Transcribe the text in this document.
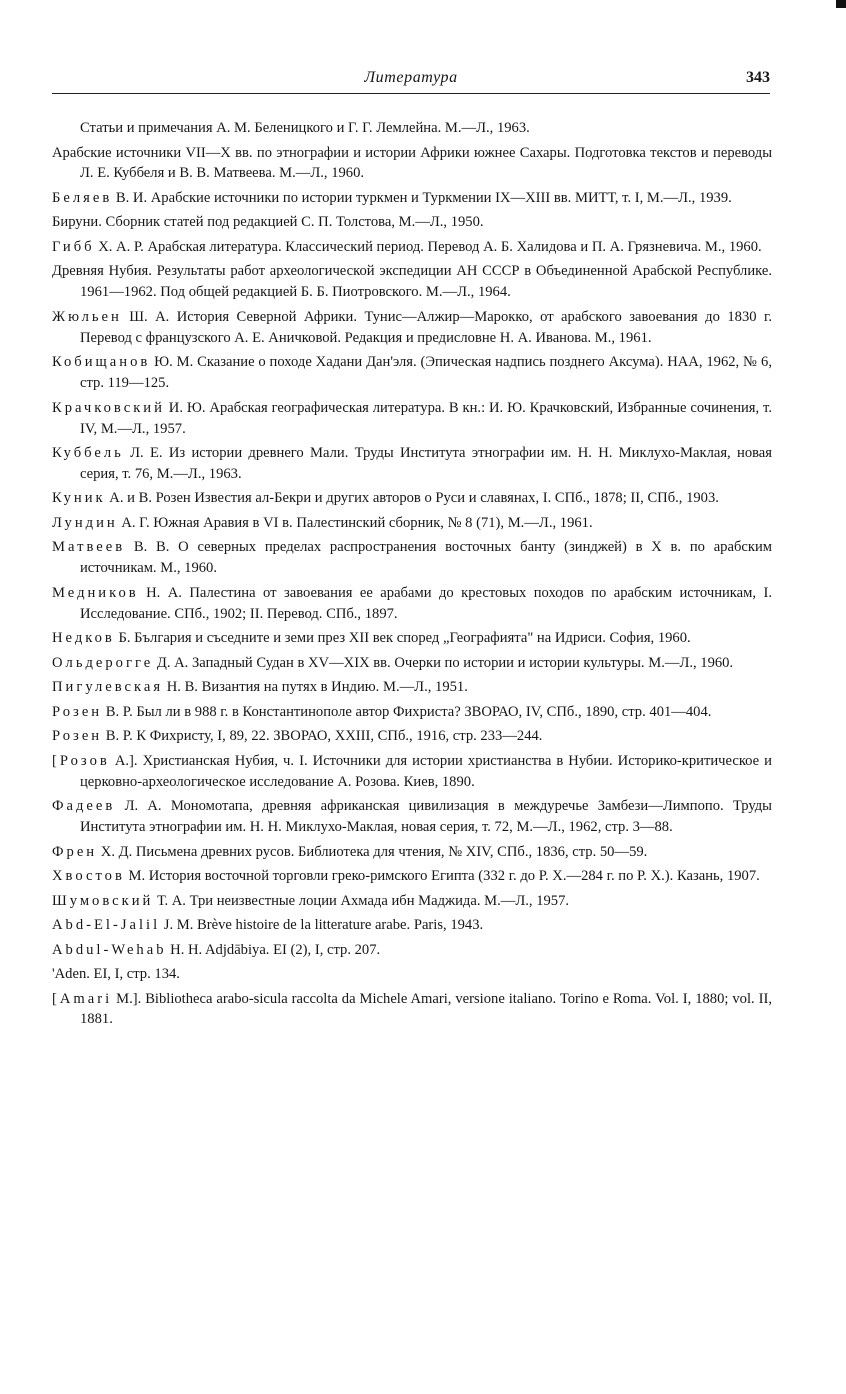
Литература	343
Статьи и примечания А. М. Беленицкого и Г. Г. Лемлейна. М.—Л., 1963.
Арабские источники VII—X вв. по этнографии и истории Африки южнее Сахары. Подготовка текстов и переводы Л. Е. Куббеля и В. В. Матвеева. М.—Л., 1960.
Беляев В. И. Арабские источники по истории туркмен и Туркмении IX—XIII вв. МИТТ, т. I, М.—Л., 1939.
Бируни. Сборник статей под редакцией С. П. Толстова, М.—Л., 1950.
Гибб Х. А. Р. Арабская литература. Классический период. Перевод А. Б. Халидова и П. А. Грязневича. М., 1960.
Древняя Нубия. Результаты работ археологической экспедиции АН СССР в Объединенной Арабской Республике. 1961—1962. Под общей редакцией Б. Б. Пиотровского. М.—Л., 1964.
Жюльен Ш. А. История Северной Африки. Тунис—Алжир—Марокко, от арабского завоевания до 1830 г. Перевод с французского А. Е. Аничковой. Редакция и предисловне Н. А. Иванова. М., 1961.
Кобищанов Ю. М. Сказание о походе Хадани Дан'эля. (Эпическая надпись позднего Аксума). НАА, 1962, № 6, стр. 119—125.
Крачковский И. Ю. Арабская географическая литература. В кн.: И. Ю. Крачковский, Избранные сочинения, т. IV, М.—Л., 1957.
Куббель Л. Е. Из истории древнего Мали. Труды Института этнографии им. Н. Н. Миклухо-Маклая, новая серия, т. 76, М.—Л., 1963.
Куник А. и В. Розен Известия ал-Бекри и других авторов о Руси и славянах, I. СПб., 1878; II, СПб., 1903.
Лундин А. Г. Южная Аравия в VI в. Палестинский сборник, № 8 (71), М.—Л., 1961.
Матвеев В. В. О северных пределах распространения восточных банту (зинджей) в Х в. по арабским источникам. М., 1960.
Медников Н. А. Палестина от завоевания ее арабами до крестовых походов по арабским источникам, I. Исследование. СПб., 1902; II. Перевод. СПб., 1897.
Недков Б. България и съседните и земи през XII век според „Географията" на Идриси. София, 1960.
Ольдерогге Д. А. Западный Судан в XV—XIX вв. Очерки по истории и истории культуры. М.—Л., 1960.
Пигулевская Н. В. Византия на путях в Индию. М.—Л., 1951.
Розен В. Р. Был ли в 988 г. в Константинополе автор Фихриста? ЗВОРАО, IV, СПб., 1890, стр. 401—404.
Розен В. Р. К Фихристу, I, 89, 22. ЗВОРАО, XXIII, СПб., 1916, стр. 233—244.
[Розов А.]. Христианская Нубия, ч. I. Источники для истории христианства в Нубии. Историко-критическое и церковно-археологическое исследование А. Розова. Киев, 1890.
Фадеев Л. А. Мономотапа, древняя африканская цивилизация в междуречье Замбези—Лимпопо. Труды Института этнографии им. Н. Н. Миклухо-Маклая, новая серия, т. 72, М.—Л., 1962, стр. 3—88.
Френ Х. Д. Письмена древних русов. Библиотека для чтения, № XIV, СПб., 1836, стр. 50—59.
Хвостов М. История восточной торговли греко-римского Египта (332 г. до Р. Х.—284 г. по Р. Х.). Казань, 1907.
Шумовский Т. А. Три неизвестные лоции Ахмада ибн Маджида. М.—Л., 1957.
Abd-El-Jalil J. M. Brève histoire de la litterature arabe. Paris, 1943.
Abdul-Wehab H. H. Adjdābiya. EI (2), I, стр. 207.
'Aden. EI, I, стр. 134.
[Amari M.]. Bibliotheca arabo-sicula raccolta da Michele Amari, versione italiano. Torino e Roma. Vol. I, 1880; vol. II, 1881.
